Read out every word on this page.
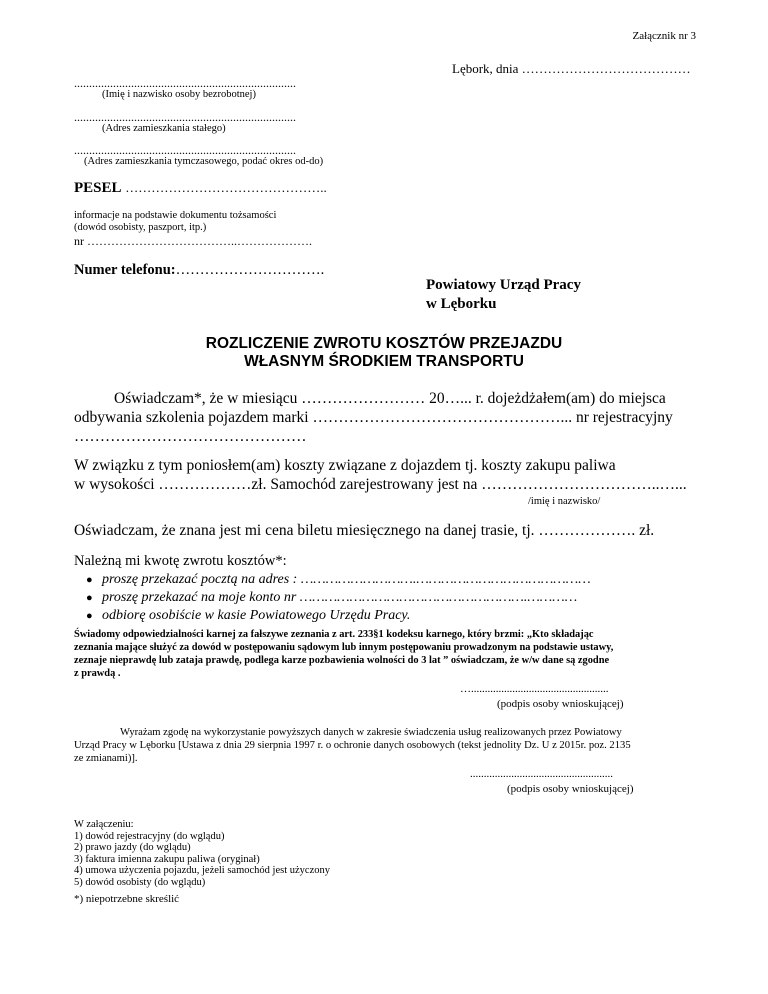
Załącznik nr 3
Lębork, dnia …………………………………
..........................................................................
(Imię i nazwisko osoby bezrobotnej)
..........................................................................
(Adres zamieszkania stałego)
..........................................................................
(Adres zamieszkania tymczasowego, podać okres od-do)
PESEL ………………………………………..
informacje na podstawie dokumentu tożsamości
(dowód osobisty, paszport, itp.)
nr ………………………………..……………….
Numer telefonu:………………………….
Powiatowy Urząd Pracy
w Lęborku
ROZLICZENIE ZWROTU KOSZTÓW PRZEJAZDU
WŁASNYM ŚRODKIEM TRANSPORTU
Oświadczam*, że w miesiącu …………………… 20…... r. dojeżdżałem(am) do miejsca
odbywania szkolenia pojazdem marki …………………………………………... nr rejestracyjny
………………………………………
W związku z tym poniosłem(am) koszty związane z dojazdem tj. koszty zakupu paliwa
w wysokości ………………zł. Samochód zarejestrowany jest na ……………………………..…...
/imię i nazwisko/
Oświadczam, że znana jest mi cena biletu miesięcznego na danej trasie, tj. ………………. zł.
Należną mi kwotę zwrotu kosztów*:
● proszę przekazać pocztą na adres : ……………………….……………………………………
● proszę przekazać na moje konto nr ……………………………………………….…………
● odbiorę osobiście w kasie Powiatowego Urzędu Pracy.
Świadomy odpowiedzialności karnej za fałszywe zeznania z art. 233§1 kodeksu karnego, który brzmi: „Kto składając
zeznania mające służyć za dowód w postępowaniu sądowym lub innym postępowaniu prowadzonym na podstawie ustawy,
zeznaje nieprawdę lub zataja prawdę, podlega karze pozbawienia wolności do 3 lat ” oświadczam, że w/w dane są zgodne
z prawdą .
…..................................................
(podpis osoby wnioskującej)
Wyrażam zgodę na wykorzystanie powyższych danych w zakresie świadczenia usług realizowanych przez Powiatowy
Urząd Pracy w Lęborku [Ustawa z dnia 29 sierpnia 1997 r. o ochronie danych osobowych (tekst jednolity Dz. U z 2015r. poz. 2135
ze zmianami)].
....................................................
(podpis osoby wnioskującej)
W załączeniu:
1) dowód rejestracyjny (do wglądu)
2) prawo jazdy (do wglądu)
3) faktura imienna zakupu paliwa (oryginał)
4) umowa użyczenia pojazdu, jeżeli samochód jest użyczony
5) dowód osobisty (do wglądu)
*) niepotrzebne skreślić
